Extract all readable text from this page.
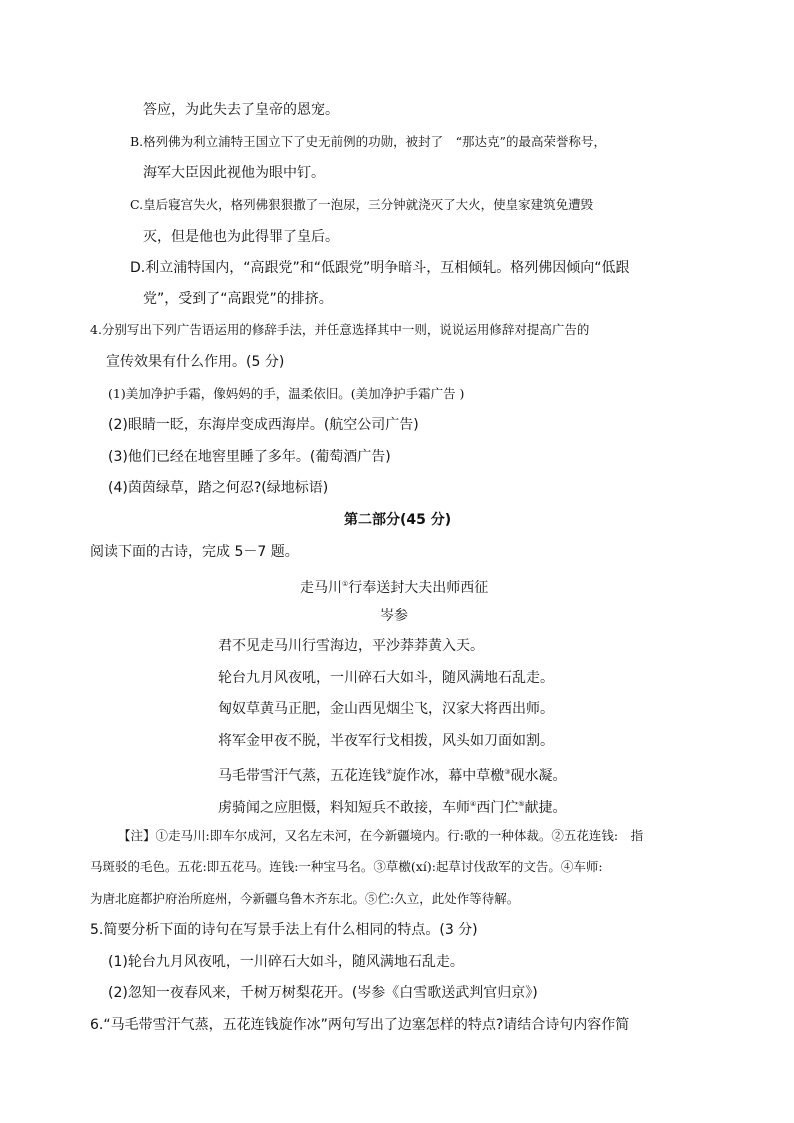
答应，为此失去了皇帝的恩宠。
B.格列佛为利立浦特王国立下了史无前例的功勋，被封了　“那达克”的最高荣誉称号，
海军大臣因此视他为眼中钉。
C.皇后寝宫失火，格列佛狠狠撒了一泡尿，三分钟就浇灭了大火，使皇家建筑免遭毁
灭，但是他也为此得罪了皇后。
D.利立浦特国内，“高跟党”和“低跟党”明争暗斗，互相倾轧。格列佛因倾向“低跟
党”，受到了“高跟党”的排挤。
4.分别写出下列广告语运用的修辞手法，并任意选择其中一则，说说运用修辞对提高广告的
宣传效果有什么作用。(5 分)
(1)美加净护手霜，像妈妈的手，温柔依旧。(美加净护手霜广告 )
(2)眼睛一眨，东海岸变成西海岸。(航空公司广告)
(3)他们已经在地窖里睡了多年。(葡萄酒广告)
(4)茵茵绿草，踏之何忍?(绿地标语)
第二部分(45 分)
阅读下面的古诗，完成 5－7 题。
走马川①行奉送封大夫出师西征
岑参
君不见走马川行雪海边，平沙莽莽黄入天。
轮台九月风夜吼，一川碎石大如斗，随风满地石乱走。
匈奴草黄马正肥，金山西见烟尘飞，汉家大将西出师。
将军金甲夜不脱，半夜军行戈相拨，风头如刀面如割。
马毛带雪汗气蒸，五花连钱②旋作冰，幕中草檄③砚水凝。
虏骑闻之应胆慑，料知短兵不敢接，车师④西门伫⑤献捷。
【注】①走马川:即车尔成河，又名左未河，在今新疆境内。行:歌的一种体裁。②五花连钱:　指
马斑驳的毛色。五花:即五花马。连钱:一种宝马名。③草檄(xí):起草讨伐敌军的文告。④车师:
为唐北庭都护府治所庭州，今新疆乌鲁木齐东北。⑤伫:久立，此处作等待解。
5.简要分析下面的诗句在写景手法上有什么相同的特点。(3 分)
(1)轮台九月风夜吼，一川碎石大如斗，随风满地石乱走。
(2)忽知一夜春风来，千树万树梨花开。(岑参《白雪歌送武判官归京》)
6.“马毛带雪汗气蒸，五花连钱旋作冰”两句写出了边塞怎样的特点?请结合诗句内容作简
